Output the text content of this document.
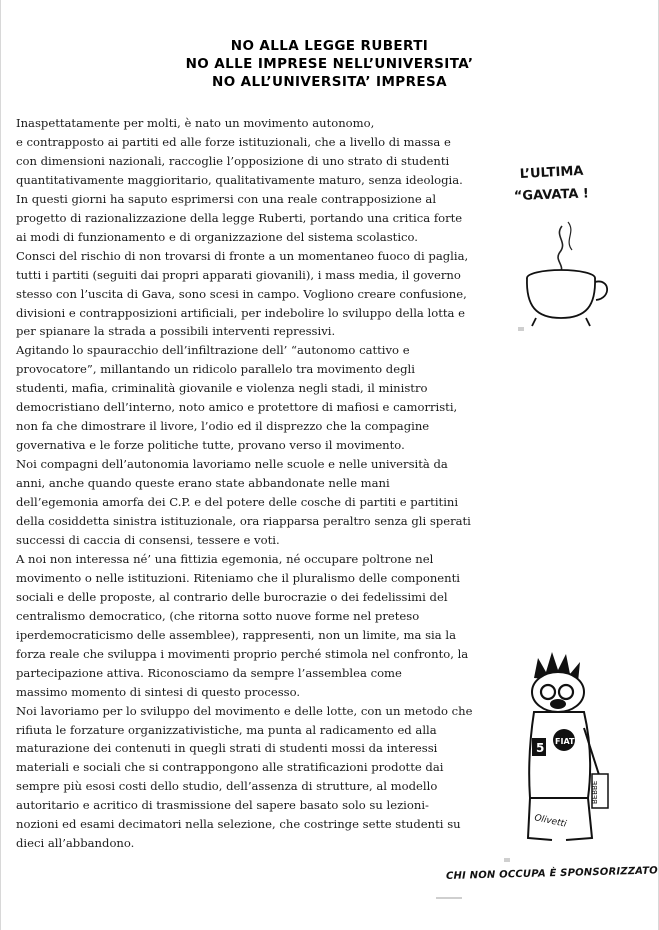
NO ALLA LEGGE RUBERTI
NO ALLE IMPRESE NELL’UNIVERSITA’
NO ALL’UNIVERSITA’ IMPRESA
Inaspettatamente per molti, è nato un movimento autonomo,
e contrapposto ai partiti ed alle forze istituzionali, che a livello di massa e
con dimensioni nazionali, raccoglie l’opposizione di uno strato di studenti
quantitativamente maggioritario, qualitativamente maturo, senza ideologia.
In questi giorni ha saputo esprimersi con una reale contrapposizione al
progetto di razionalizzazione della legge Ruberti, portando una critica forte
ai modi di funzionamento e di organizzazione del sistema scolastico.
Consci del rischio di non trovarsi di fronte a un momentaneo fuoco di paglia,
tutti i partiti (seguiti dai propri apparati giovanili), i mass media, il governo
stesso con l’uscita di Gava, sono scesi in campo. Vogliono creare confusione,
divisioni e contrapposizioni artificiali, per indebolire lo sviluppo della lotta e
per spianare la strada a possibili interventi repressivi.
Agitando lo spauracchio dell’infiltrazione dell’ “autonomo cattivo e
provocatore”, millantando un ridicolo parallelo tra movimento degli
studenti, mafia, criminalità giovanile e violenza negli stadi, il ministro
democristiano dell’interno, noto amico e protettore di mafiosi e camorristi,
non fa che dimostrare il livore, l’odio ed il disprezzo che la compagine
governativa e le forze politiche tutte, provano verso il movimento.
Noi compagni dell’autonomia lavoriamo nelle scuole e nelle università da
anni, anche quando queste erano state abbandonate nelle mani
dell’egemonia amorfa dei C.P. e del potere delle cosche di partiti e partitini
della cosiddetta sinistra istituzionale, ora riapparsa peraltro senza gli sperati
successi di caccia di consensi, tessere e voti.
A noi non interessa né’ una fittizia egemonia, né occupare poltrone nel
movimento o nelle istituzioni. Riteniamo che il pluralismo delle componenti
sociali e delle proposte, al contrario delle burocrazie o dei fedelissimi del
centralismo democratico, (che ritorna sotto nuove forme nel preteso
iperdemocraticismo delle assemblee), rappresenti, non un limite, ma sia la
forza reale che sviluppa i movimenti proprio perché stimola nel confronto, la
partecipazione attiva. Riconosciamo da sempre l’assemblea come
massimo momento di sintesi di questo processo.
Noi lavoriamo per lo sviluppo del movimento e delle lotte, con un metodo che
rifiuta le forzature organizzativistiche, ma punta al radicamento ed alla
maturazione dei contenuti in quegli strati di studenti mossi da interessi
materiali e sociali che si contrappongono alle stratificazioni prodotte dai
sempre più esosi costi dello studio, dell’assenza di strutture, al modello
autoritario e acritico di trasmissione del sapere basato solo su lezioni-
nozioni ed esami decimatori nella selezione, che costringe sette studenti su
dieci all’abbandono.
L’ULTIMA
“GAVATA !
5 FIAT
BEBBE
Olivetti
CHI NON OCCUPA È SPONSORIZZATO
